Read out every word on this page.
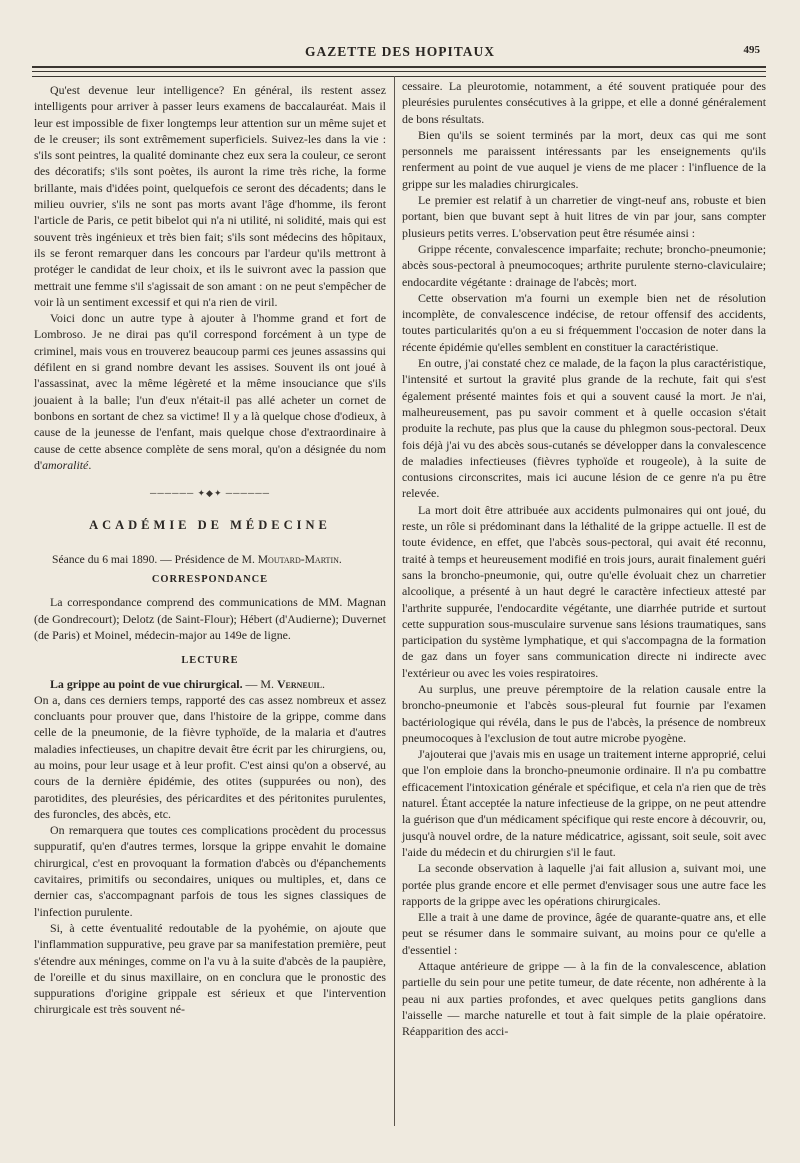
GAZETTE DES HOPITAUX	495

Qu'est devenue leur intelligence? En général, ils restent assez intelligents pour arriver à passer leurs examens de baccalauréat. Mais il leur est impossible de fixer longtemps leur attention sur un même sujet et de le creuser; ils sont extrêmement superficiels. Suivez-les dans la vie : s'ils sont peintres, la qualité dominante chez eux sera la couleur, ce seront des décoratifs; s'ils sont poètes, ils auront la rime très riche, la forme brillante, mais d'idées point, quelquefois ce seront des décadents; dans le milieu ouvrier, s'ils ne sont pas morts avant l'âge d'homme, ils feront l'article de Paris, ce petit bibelot qui n'a ni utilité, ni solidité, mais qui est souvent très ingénieux et très bien fait; s'ils sont médecins des hôpitaux, ils se feront remarquer dans les concours par l'ardeur qu'ils mettront à protéger le candidat de leur choix, et ils le suivront avec la passion que mettrait une femme s'il s'agissait de son amant : on ne peut s'empêcher de voir là un sentiment excessif et qui n'a rien de viril.

Voici donc un autre type à ajouter à l'homme grand et fort de Lombroso. Je ne dirai pas qu'il correspond forcément à un type de criminel, mais vous en trouverez beaucoup parmi ces jeunes assassins qui défilent en si grand nombre devant les assises. Souvent ils ont joué à l'assassinat, avec la même légèreté et la même insouciance que s'ils jouaient à la balle; l'un d'eux n'était-il pas allé acheter un cornet de bonbons en sortant de chez sa victime! Il y a là quelque chose d'odieux, à cause de la jeunesse de l'enfant, mais quelque chose d'extraordinaire à cause de cette absence complète de sens moral, qu'on a désignée du nom d'amoralité.

────── ✦◆✦ ──────
ACADÉMIE DE MÉDECINE

Séance du 6 mai 1890. — Présidence de M. Moutard-Martin.

CORRESPONDANCE

La correspondance comprend des communications de MM. Magnan (de Gondrecourt); Delotz (de Saint-Flour); Hébert (d'Audierne); Duvernet (de Paris) et Moinel, médecin-major au 149e de ligne.

LECTURE

La grippe au point de vue chirurgical. — M. Verneuil.

On a, dans ces derniers temps, rapporté des cas assez nombreux et assez concluants pour prouver que, dans l'histoire de la grippe, comme dans celle de la pneumonie, de la fièvre typhoïde, de la malaria et d'autres maladies infectieuses, un chapitre devait être écrit par les chirurgiens, ou, au moins, pour leur usage et à leur profit. C'est ainsi qu'on a observé, au cours de la dernière épidémie, des otites (suppurées ou non), des parotidites, des pleurésies, des péricardites et des péritonites purulentes, des furoncles, des abcès, etc.

On remarquera que toutes ces complications procèdent du processus suppuratif, qu'en d'autres termes, lorsque la grippe envahit le domaine chirurgical, c'est en provoquant la formation d'abcès ou d'épanchements cavitaires, primitifs ou secondaires, uniques ou multiples, et, dans ce dernier cas, s'accompagnant parfois de tous les signes classiques de l'infection purulente.

Si, à cette éventualité redoutable de la pyohémie, on ajoute que l'inflammation suppurative, peu grave par sa manifestation première, peut s'étendre aux méninges, comme on l'a vu à la suite d'abcès de la paupière, de l'oreille et du sinus maxillaire, on en conclura que le pronostic des suppurations d'origine grippale est sérieux et que l'intervention chirurgicale est très souvent né-

cessaire. La pleurotomie, notamment, a été souvent pratiquée pour des pleurésies purulentes consécutives à la grippe, et elle a donné généralement de bons résultats.

Bien qu'ils se soient terminés par la mort, deux cas qui me sont personnels me paraissent intéressants par les enseignements qu'ils renferment au point de vue auquel je viens de me placer : l'influence de la grippe sur les maladies chirurgicales.

Le premier est relatif à un charretier de vingt-neuf ans, robuste et bien portant, bien que buvant sept à huit litres de vin par jour, sans compter plusieurs petits verres. L'observation peut être résumée ainsi :

Grippe récente, convalescence imparfaite; rechute; broncho-pneumonie; abcès sous-pectoral à pneumocoques; arthrite purulente sterno-claviculaire; endocardite végétante : drainage de l'abcès; mort.

Cette observation m'a fourni un exemple bien net de résolution incomplète, de convalescence indécise, de retour offensif des accidents, toutes particularités qu'on a eu si fréquemment l'occasion de noter dans la récente épidémie qu'elles semblent en constituer la caractéristique.

En outre, j'ai constaté chez ce malade, de la façon la plus caractéristique, l'intensité et surtout la gravité plus grande de la rechute, fait qui s'est également présenté maintes fois et qui a souvent causé la mort. Je n'ai, malheureusement, pas pu savoir comment et à quelle occasion s'était produite la rechute, pas plus que la cause du phlegmon sous-pectoral. Deux fois déjà j'ai vu des abcès sous-cutanés se développer dans la convalescence de maladies infectieuses (fièvres typhoïde et rougeole), à la suite de contusions circonscrites, mais ici aucune lésion de ce genre n'a pu être relevée.

La mort doit être attribuée aux accidents pulmonaires qui ont joué, du reste, un rôle si prédominant dans la léthalité de la grippe actuelle. Il est de toute évidence, en effet, que l'abcès sous-pectoral, qui avait été reconnu, traité à temps et heureusement modifié en trois jours, aurait finalement guéri sans la broncho-pneumonie, qui, outre qu'elle évoluait chez un charretier alcoolique, a présenté à un haut degré le caractère infectieux attesté par l'arthrite suppurée, l'endocardite végétante, une diarrhée putride et surtout cette suppuration sous-musculaire survenue sans lésions traumatiques, sans participation du système lymphatique, et qui s'accompagna de la formation de gaz dans un foyer sans communication directe ni indirecte avec l'extérieur ou avec les voies respiratoires.

Au surplus, une preuve péremptoire de la relation causale entre la broncho-pneumonie et l'abcès sous-pleural fut fournie par l'examen bactériologique qui révéla, dans le pus de l'abcès, la présence de nombreux pneumocoques à l'exclusion de tout autre microbe pyogène.

J'ajouterai que j'avais mis en usage un traitement interne approprié, celui que l'on emploie dans la broncho-pneumonie ordinaire. Il n'a pu combattre efficacement l'intoxication générale et spécifique, et cela n'a rien que de très naturel. Étant acceptée la nature infectieuse de la grippe, on ne peut attendre la guérison que d'un médicament spécifique qui reste encore à découvrir, ou, jusqu'à nouvel ordre, de la nature médicatrice, agissant, soit seule, soit avec l'aide du médecin et du chirurgien s'il le faut.

La seconde observation à laquelle j'ai fait allusion a, suivant moi, une portée plus grande encore et elle permet d'envisager sous une autre face les rapports de la grippe avec les opérations chirurgicales.

Elle a trait à une dame de province, âgée de quarante-quatre ans, et elle peut se résumer dans le sommaire suivant, au moins pour ce qu'elle a d'essentiel :

Attaque antérieure de grippe — à la fin de la convalescence, ablation partielle du sein pour une petite tumeur, de date récente, non adhérente à la peau ni aux parties profondes, et avec quelques petits ganglions dans l'aisselle — marche naturelle et tout à fait simple de la plaie opératoire. Réapparition des acci-
